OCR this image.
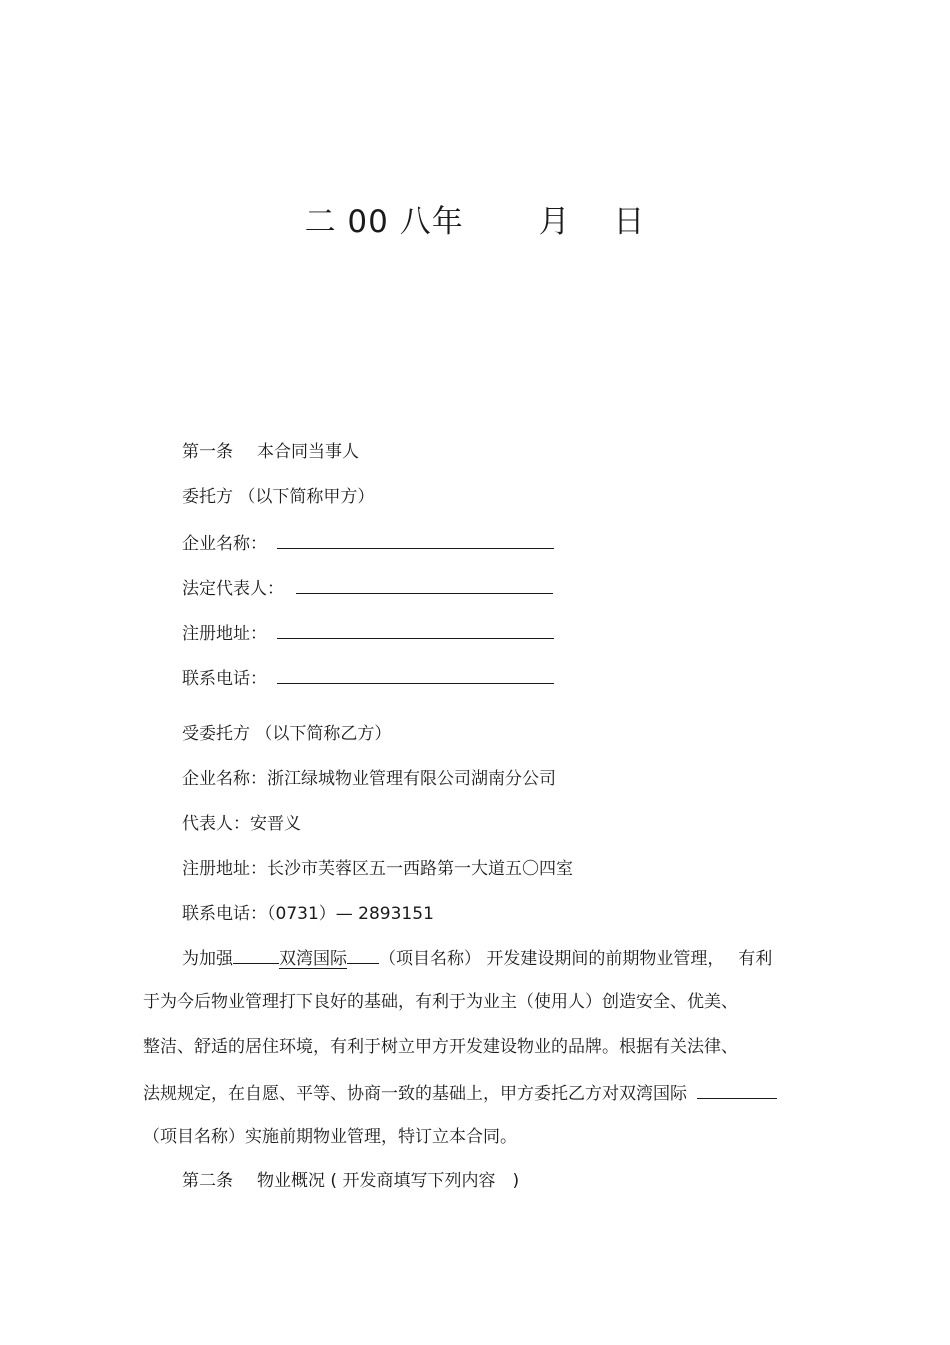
二 00 八年　　 月　 日
第一条 本合同当事人
委托方 （以下简称甲方）
企业名称：
法定代表人：
注册地址：
联系电话：
受委托方 （以下简称乙方）
企业名称：浙江绿城物业管理有限公司湖南分公司
代表人：安晋义
注册地址：长沙市芙蓉区五一西路第一大道五〇四室
联系电话：（0731）— 2893151
为加强	双湾国际 （项目名称） 开发建设期间的前期物业管理，　 有利
于为今后物业管理打下良好的基础，有利于为业主（使用人）创造安全、优美、
整洁、舒适的居住环境，有利于树立甲方开发建设物业的品牌。根据有关法律、
法规规定，在自愿、平等、协商一致的基础上，甲方委托乙方对双湾国际
（项目名称）实施前期物业管理，特订立本合同。
第二条 物业概况 ( 开发商填写下列内容　)
